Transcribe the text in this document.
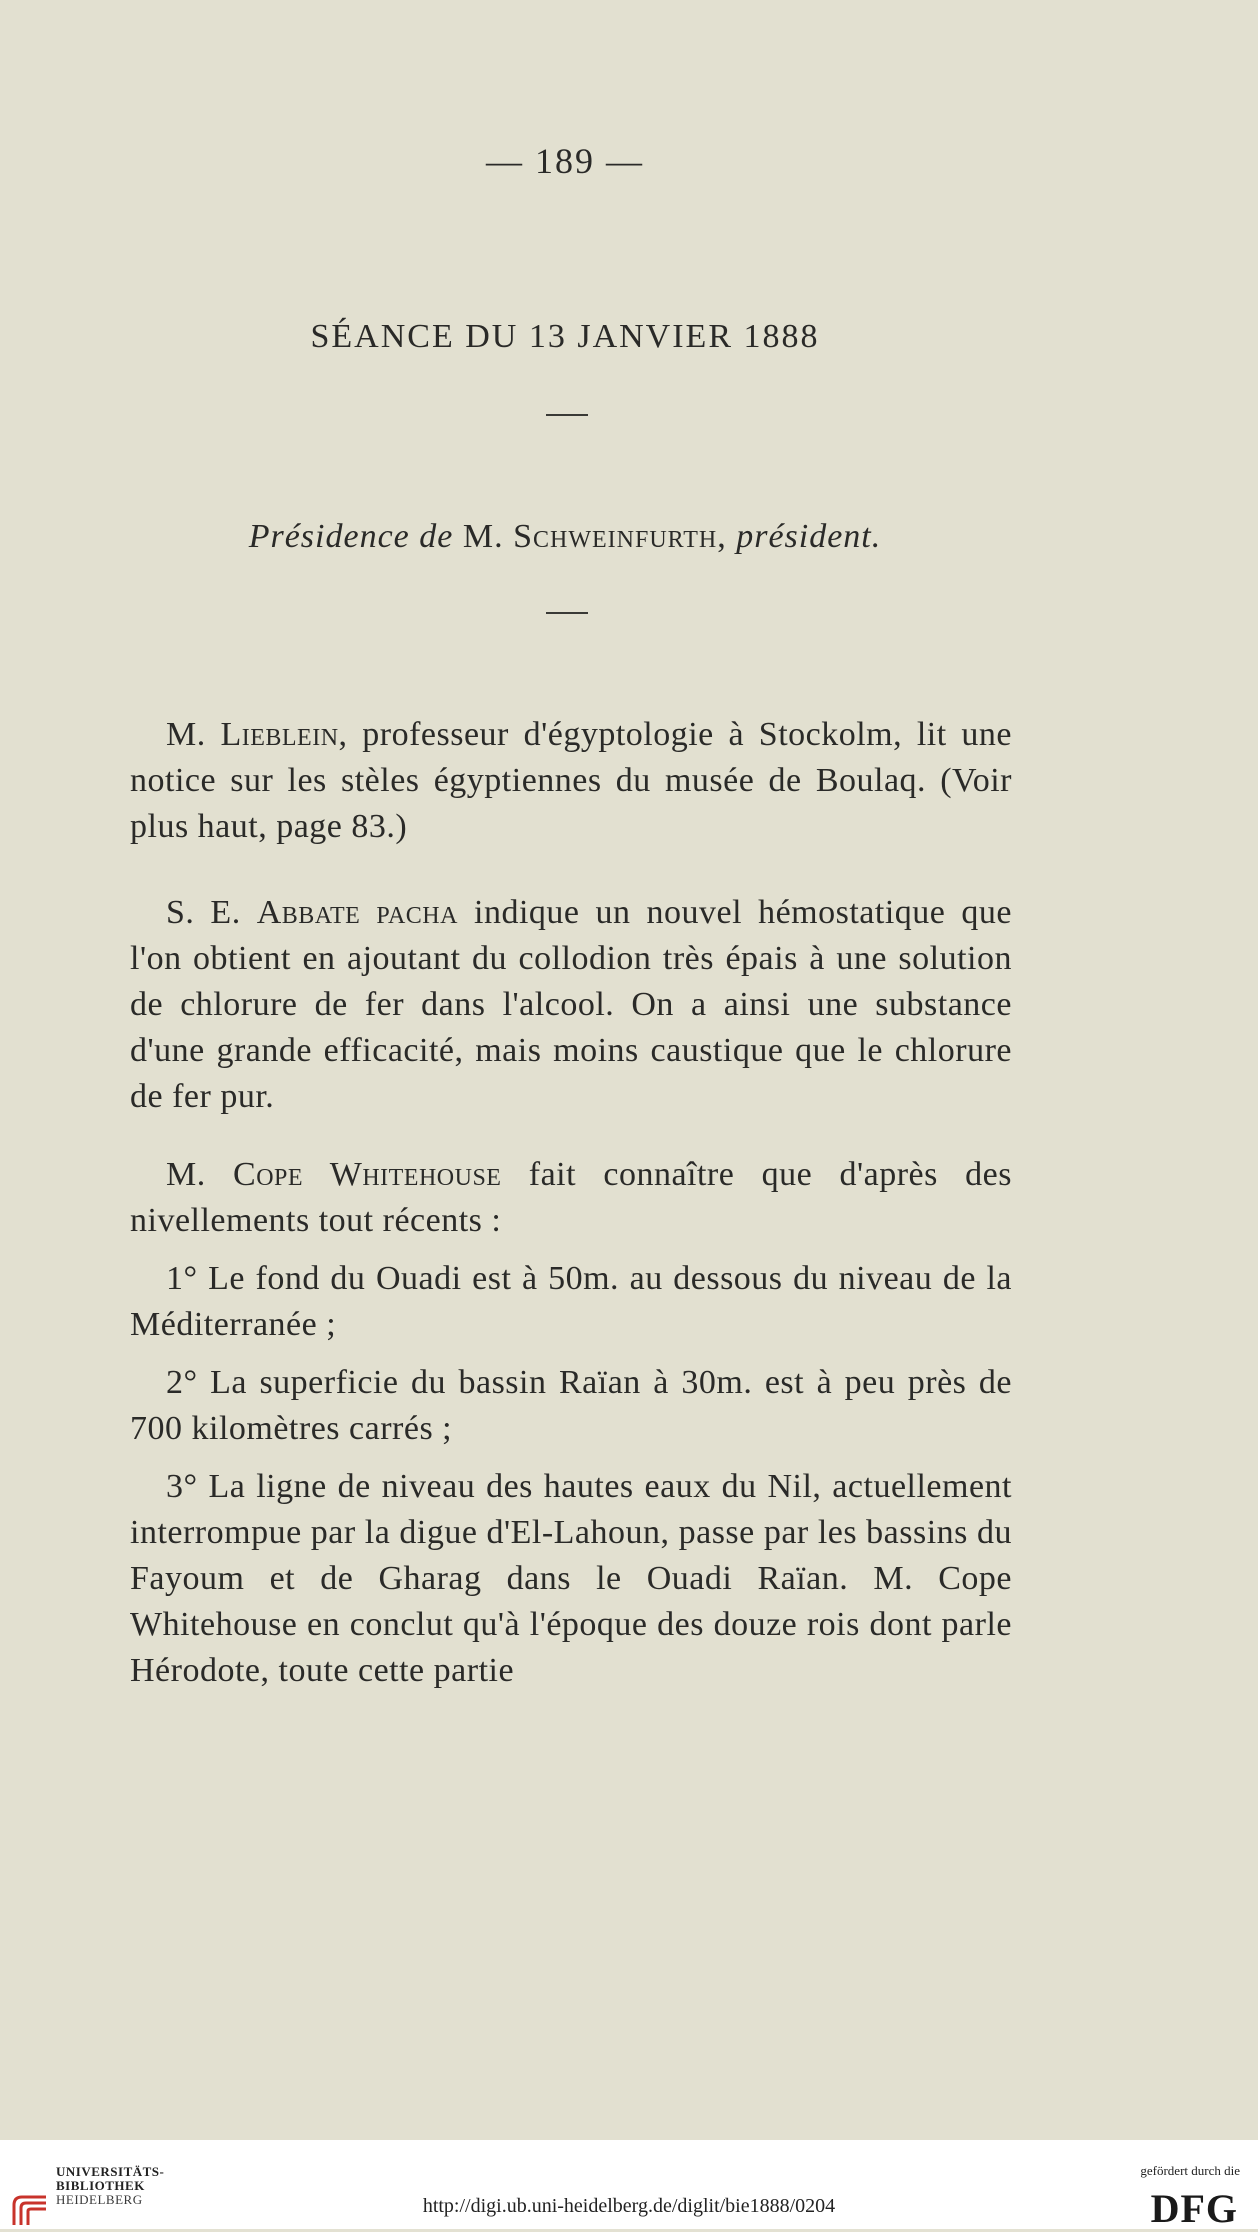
— 189 —
SÉANCE DU 13 JANVIER 1888
Présidence de M. Schweinfurth, président.

M. Lieblein, professeur d'égyptologie à Stockolm, lit une notice sur les stèles égyptiennes du musée de Boulaq. (Voir plus haut, page 83.)

S. E. Abbate pacha indique un nouvel hémostatique que l'on obtient en ajoutant du collodion très épais à une solution de chlorure de fer dans l'alcool. On a ainsi une substance d'une grande efficacité, mais moins caustique que le chlorure de fer pur.

M. Cope Whitehouse fait connaître que d'après des nivellements tout récents :

1° Le fond du Ouadi est à 50m. au dessous du niveau de la Méditerranée ;

2° La superficie du bassin Raïan à 30m. est à peu près de 700 kilomètres carrés ;

3° La ligne de niveau des hautes eaux du Nil, actuellement interrompue par la digue d'El-Lahoun, passe par les bassins du Fayoum et de Gharag dans le Ouadi Raïan. M. Cope Whitehouse en conclut qu'à l'époque des douze rois dont parle Hérodote, toute cette partie

UNIVERSITÄTS-
BIBLIOTHEK
HEIDELBERG	http://digi.ub.uni-heidelberg.de/diglit/bie1888/0204
gefördert durch die
DFG
